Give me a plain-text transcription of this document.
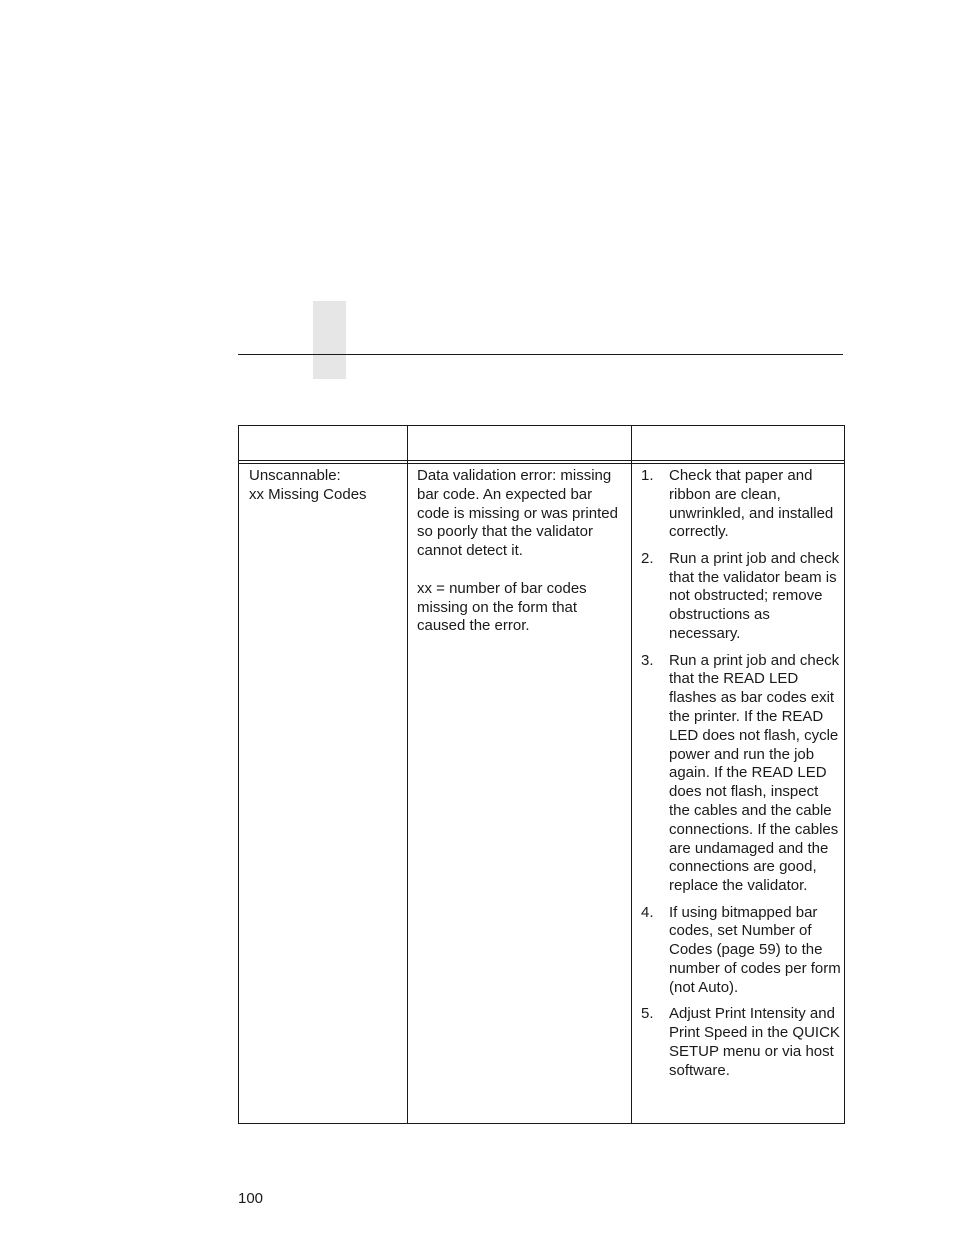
Unscannable:
xx Missing Codes

Data validation error: missing bar code. An expected bar code is missing or was printed so poorly that the validator cannot detect it.

xx = number of bar codes missing on the form that caused the error.

1. Check that paper and ribbon are clean, unwrinkled, and installed correctly.
2. Run a print job and check that the validator beam is not obstructed; remove obstructions as necessary.
3. Run a print job and check that the READ LED flashes as bar codes exit the printer. If the READ LED does not flash, cycle power and run the job again. If the READ LED does not flash, inspect the cables and the cable connections. If the cables are undamaged and the connections are good, replace the validator.
4. If using bitmapped bar codes, set Number of Codes (page 59) to the number of codes per form (not Auto).
5. Adjust Print Intensity and Print Speed in the QUICK SETUP menu or via host software.
100
